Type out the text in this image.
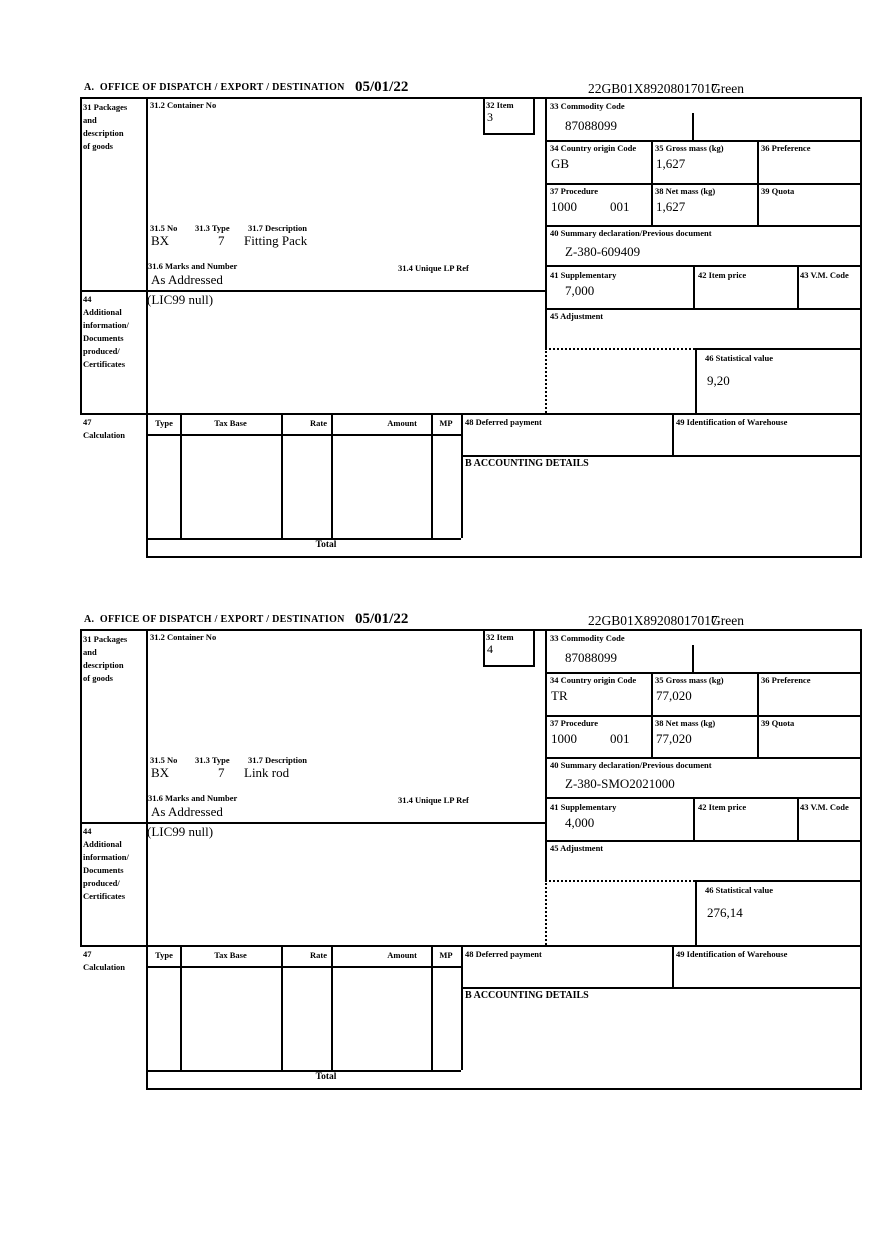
A.  OFFICE OF DISPATCH / EXPORT / DESTINATION 05/01/22	22GB01X89208017017
Green
31 Packages
and
description
of goods
31.2 Container No
31.5 No 31.3 Type 31.7 Description
BX	7 Fitting Pack
31.6 Marks and Number	31.4 Unique LP Ref
As Addressed
44
Additional
information/
Documents
produced/
Certificates
(LIC99 null)
32 Item
3
33 Commodity Code
87088099
34 Country origin Code
GB
35 Gross mass (kg)
1,627
36 Preference
37 Procedure
1000	001
38 Net mass (kg)
1,627
39 Quota
40 Summary declaration/Previous document
Z-380-609409
41 Supplementary
7,000
42 Item price	43 V.M. Code
45 Adjustment
46 Statistical value
9,20
47
Calculation
Type	Tax Base	Rate	Amount	MP
Total
48 Deferred payment	49 Identification of Warehouse
B ACCOUNTING DETAILS
A.  OFFICE OF DISPATCH / EXPORT / DESTINATION 05/01/22	22GB01X89208017017
Green
31 Packages
and
description
of goods
31.2 Container No
31.5 No 31.3 Type 31.7 Description
BX	7 Link rod
31.6 Marks and Number	31.4 Unique LP Ref
As Addressed
44
Additional
information/
Documents
produced/
Certificates
(LIC99 null)
32 Item
4
33 Commodity Code
87088099
34 Country origin Code
TR
35 Gross mass (kg)
77,020
36 Preference
37 Procedure
1000	001
38 Net mass (kg)
77,020
39 Quota
40 Summary declaration/Previous document
Z-380-SMO2021000
41 Supplementary
4,000
42 Item price	43 V.M. Code
45 Adjustment
46 Statistical value
276,14
47
Calculation
Type	Tax Base	Rate	Amount	MP
Total
48 Deferred payment	49 Identification of Warehouse
B ACCOUNTING DETAILS
